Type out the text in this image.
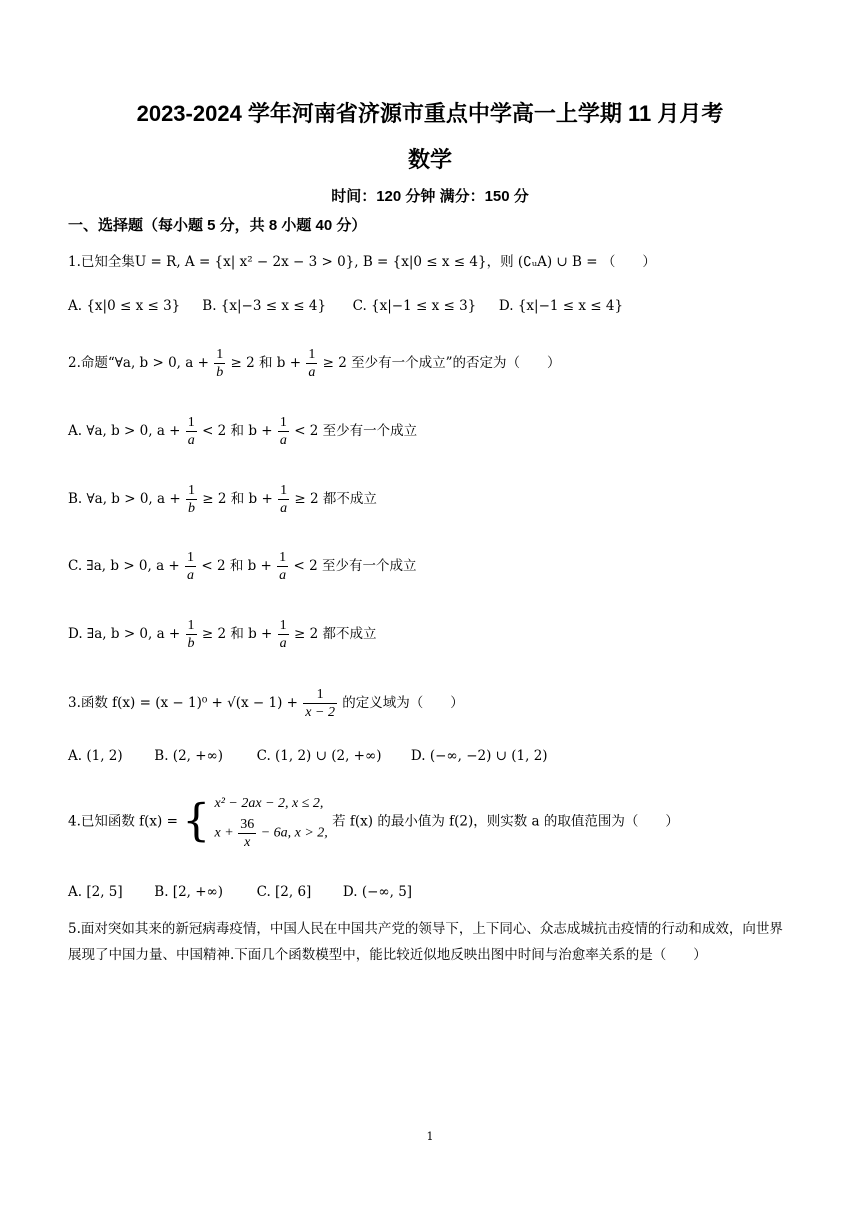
2023-2024 学年河南省济源市重点中学高一上学期 11 月月考
数学
时间：120 分钟 满分：150 分
一、选择题（每小题 5 分，共 8 小题 40 分）
1.已知全集U = R, A = {x| x² − 2x − 3 > 0}, B = {x|0 ≤ x ≤ 4}，则 (∁ᵤA) ∪ B = （　　）
A. {x|0 ≤ x ≤ 3} B. {x|−3 ≤ x ≤ 4} C. {x|−1 ≤ x ≤ 3} D. {x|−1 ≤ x ≤ 4}
2.命题“∀a, b > 0, $a + \frac{1}{b} \ge 2$ 和 $b + \frac{1}{a} \ge 2$ 至少有一个成立”的否定为（　　）
A. ∀a, b > 0, $a + \frac{1}{a} < 2$ 和 $b + \frac{1}{a} < 2$ 至少有一个成立
B. ∀a, b > 0, $a + \frac{1}{b} \ge 2$ 和 $b + \frac{1}{a} \ge 2$ 都不成立
C. ∃a, b > 0, $a + \frac{1}{a} < 2$ 和 $b + \frac{1}{a} < 2$ 至少有一个成立
D. ∃a, b > 0, $a + \frac{1}{b} \ge 2$ 和 $b + \frac{1}{a} \ge 2$ 都不成立
3.函数 $f(x) = (x - 1)^0 + √(x - 1) + \frac{1}{x - 2}$ 的定义域为（　　）
A. (1, 2) B. (2, +∞) C. (1, 2) ∪ (2, +∞) D. (−∞, −2) ∪ (1, 2)
4.已知函数 f(x) = { x² − 2ax − 2, x ≤ 2,
$x + \frac{36}{x} - 6a$, x > 2,
若 f(x) 的最小值为 f(2)，则实数 a 的取值范围为（　　）
A. [2, 5] B. [2, +∞) C. [2, 6] D. (−∞, 5]
5.面对突如其来的新冠病毒疫情，中国人民在中国共产党的领导下，上下同心、众志成城抗击疫情的行动和成效，向世界展现了中国力量、中国精神.下面几个函数模型中，能比较近似地反映出图中时间与治愈率关系的是（　　）
1
